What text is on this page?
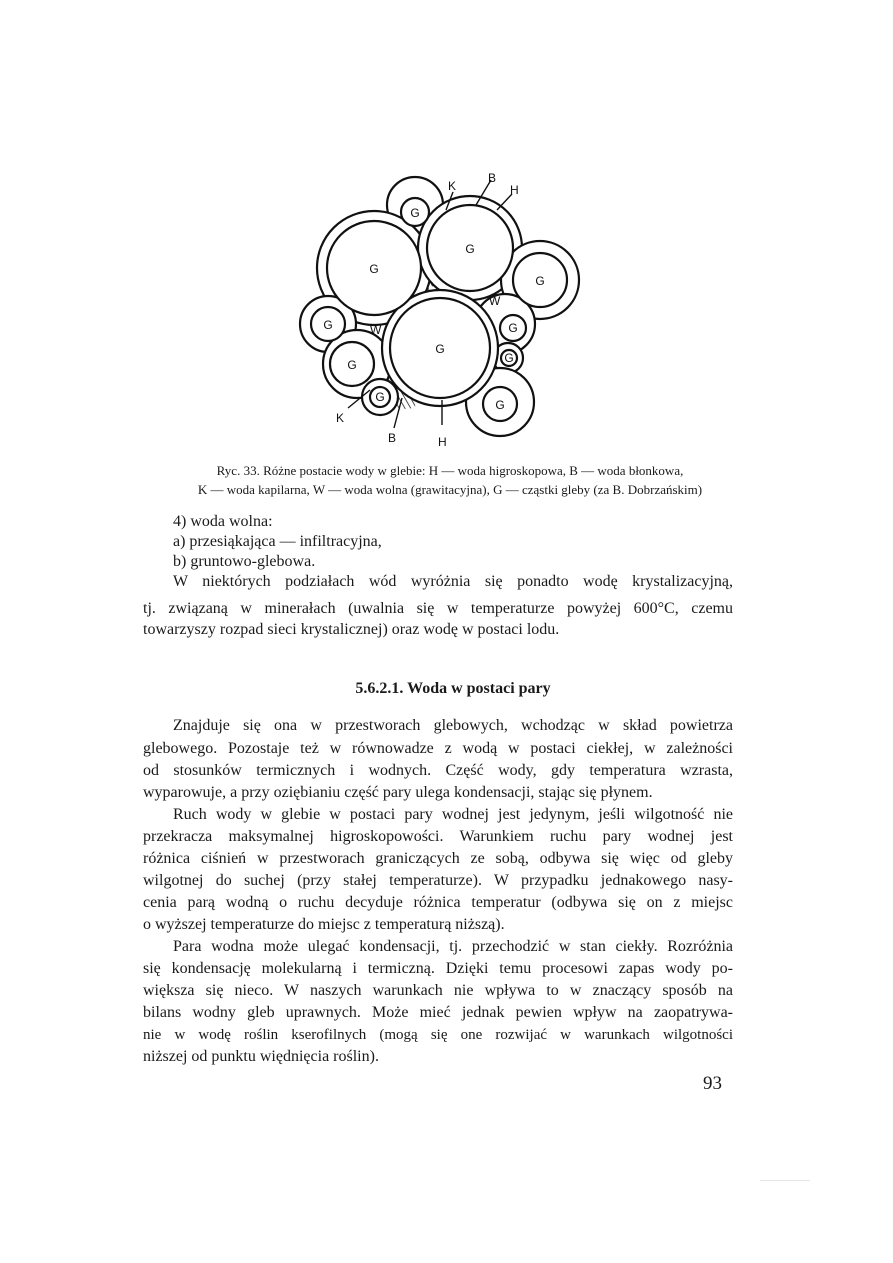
G
G
G
G
G
G
G
G
G
G
G
K
B
H
W
W
K
B	H
Ryc. 33. Różne postacie wody w glebie: H — woda higroskopowa, B — woda błonkowa,
K — woda kapilarna, W — woda wolna (grawitacyjna), G — cząstki gleby (za B. Dobrzańskim)
4) woda wolna:
a) przesiąkająca — infiltracyjna,
b) gruntowo-glebowa.
W niektórych podziałach wód wyróżnia się ponadto wodę krystalizacyjną,
tj. związaną w minerałach (uwalnia się w temperaturze powyżej 600°C, czemu
towarzyszy rozpad sieci krystalicznej) oraz wodę w postaci lodu.
5.6.2.1. Woda w postaci pary
Znajduje się ona w przestworach glebowych, wchodząc w skład powietrza
glebowego. Pozostaje też w równowadze z wodą w postaci ciekłej, w zależności
od stosunków termicznych i wodnych. Część wody, gdy temperatura wzrasta,
wyparowuje, a przy oziębianiu część pary ulega kondensacji, stając się płynem.
Ruch wody w glebie w postaci pary wodnej jest jedynym, jeśli wilgotność nie
przekracza maksymalnej higroskopowości. Warunkiem ruchu pary wodnej jest
różnica ciśnień w przestworach graniczących ze sobą, odbywa się więc od gleby
wilgotnej do suchej (przy stałej temperaturze). W przypadku jednakowego nasy-
cenia parą wodną o ruchu decyduje różnica temperatur (odbywa się on z miejsc
o wyższej temperaturze do miejsc z temperaturą niższą).
Para wodna może ulegać kondensacji, tj. przechodzić w stan ciekły. Rozróżnia
się kondensację molekularną i termiczną. Dzięki temu procesowi zapas wody po-
większa się nieco. W naszych warunkach nie wpływa to w znaczący sposób na
bilans wodny gleb uprawnych. Może mieć jednak pewien wpływ na zaopatrywa-
nie w wodę roślin kserofilnych (mogą się one rozwijać w warunkach wilgotności
niższej od punktu więdnięcia roślin).
93
